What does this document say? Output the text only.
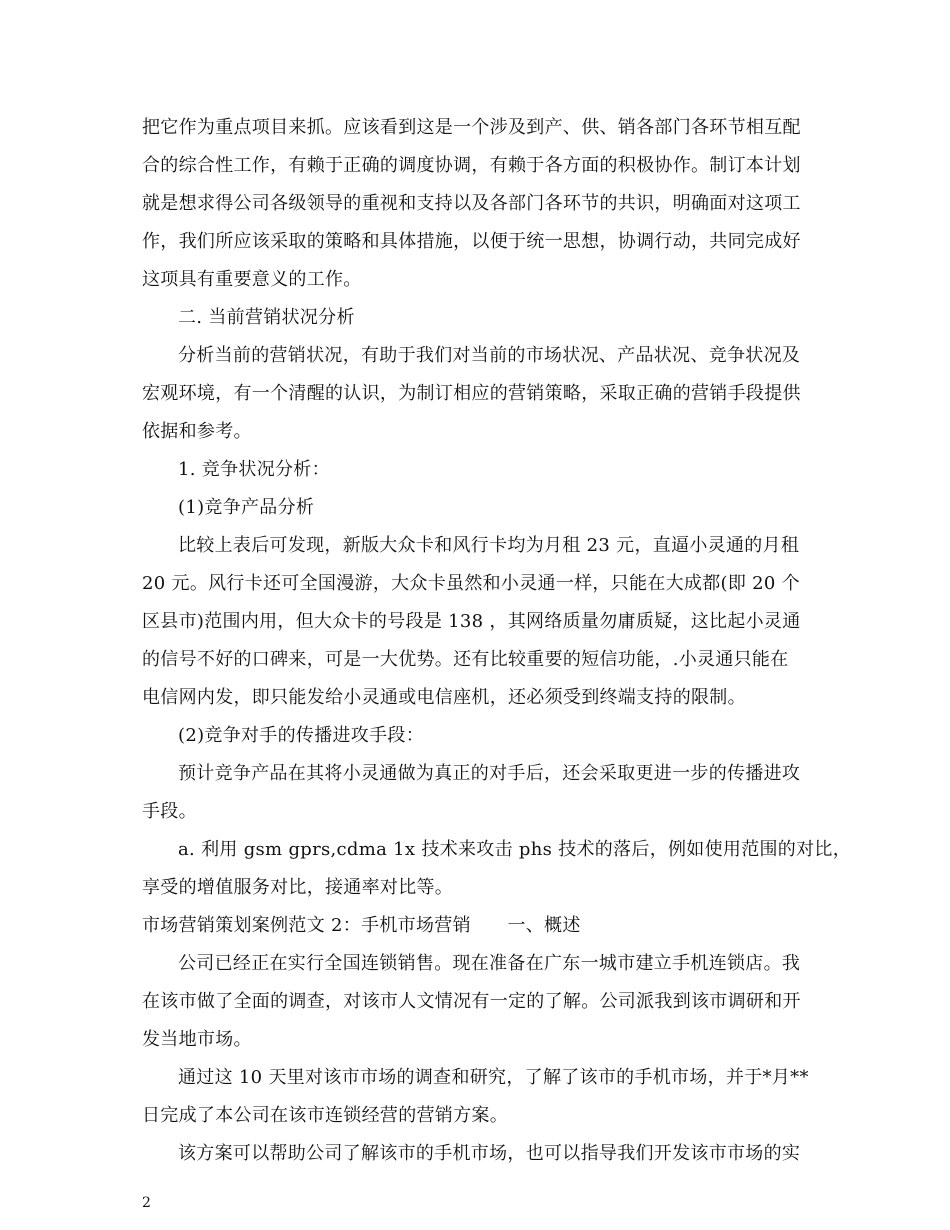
把它作为重点项目来抓。应该看到这是一个涉及到产、供、销各部门各环节相互配
合的综合性工作，有赖于正确的调度协调，有赖于各方面的积极协作。制订本计划
就是想求得公司各级领导的重视和支持以及各部门各环节的共识，明确面对这项工
作，我们所应该采取的策略和具体措施，以便于统一思想，协调行动，共同完成好
这项具有重要意义的工作。
二. 当前营销状况分析
分析当前的营销状况，有助于我们对当前的市场状况、产品状况、竞争状况及
宏观环境，有一个清醒的认识，为制订相应的营销策略，采取正确的营销手段提供
依据和参考。
1. 竞争状况分析：
(1)竞争产品分析
比较上表后可发现，新版大众卡和风行卡均为月租 23 元，直逼小灵通的月租
20 元。风行卡还可全国漫游，大众卡虽然和小灵通一样，只能在大成都(即 20 个
区县市)范围内用，但大众卡的号段是 138 ，其网络质量勿庸质疑，这比起小灵通
的信号不好的口碑来，可是一大优势。还有比较重要的短信功能，.小灵通只能在
电信网内发，即只能发给小灵通或电信座机，还必须受到终端支持的限制。
(2)竞争对手的传播进攻手段：
预计竞争产品在其将小灵通做为真正的对手后，还会采取更进一步的传播进攻
手段。
a. 利用 gsm gprs,cdma 1x 技术来攻击 phs 技术的落后，例如使用范围的对比，
享受的增值服务对比，接通率对比等。
市场营销策划案例范文 2：手机市场营销　　一、概述
公司已经正在实行全国连锁销售。现在准备在广东一城市建立手机连锁店。我
在该市做了全面的调查，对该市人文情况有一定的了解。公司派我到该市调研和开
发当地市场。
通过这 10 天里对该市市场的调查和研究，了解了该市的手机市场，并于*月**
日完成了本公司在该市连锁经营的营销方案。
该方案可以帮助公司了解该市的手机市场，也可以指导我们开发该市市场的实
2
